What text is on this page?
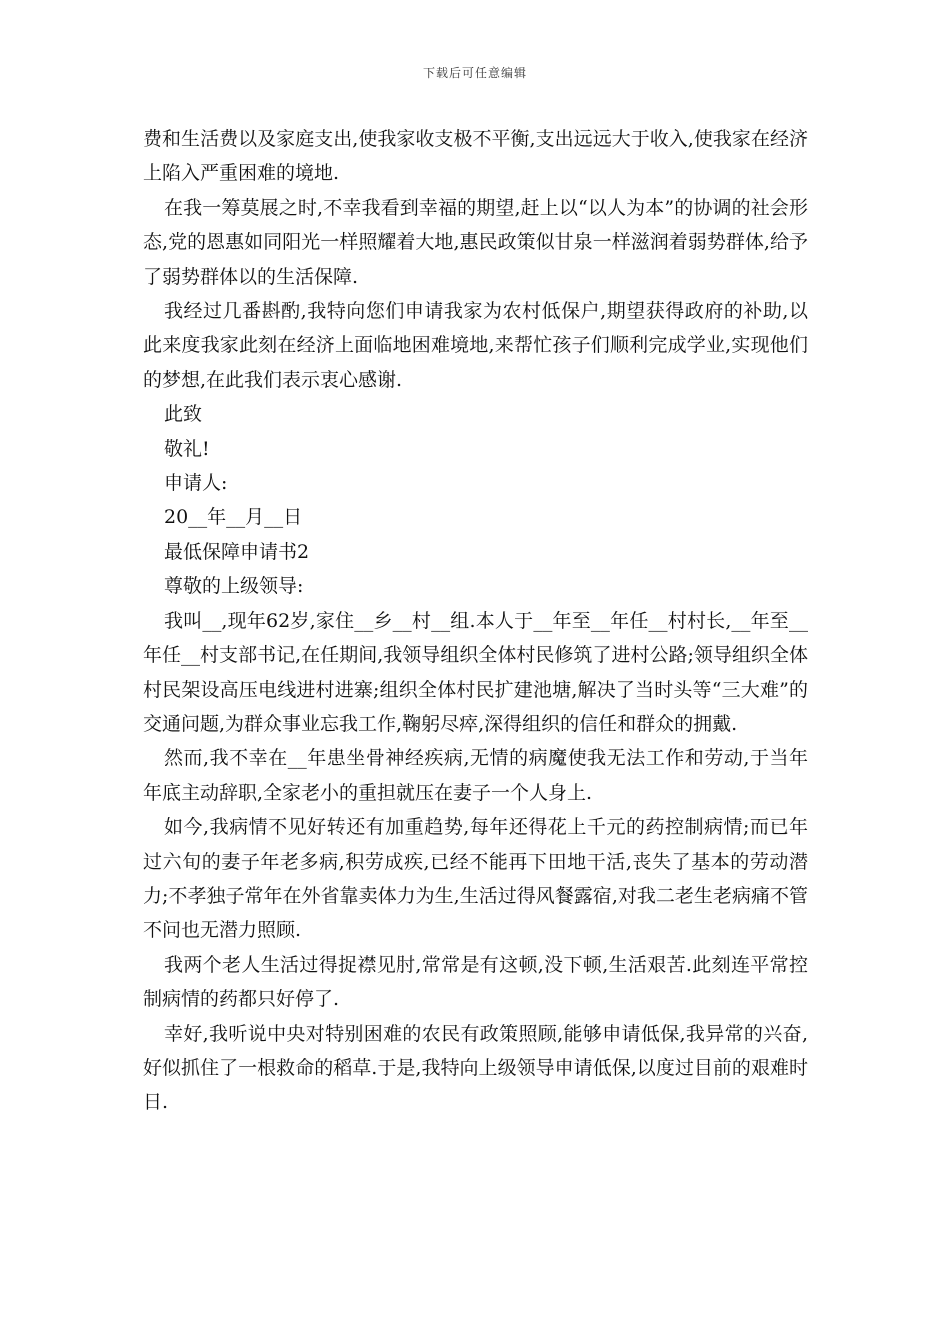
下载后可任意编辑

费和生活费以及家庭支出,使我家收支极不平衡,支出远远大于收入,使我家在经济上陷入严重困难的境地.

在我一筹莫展之时,不幸我看到幸福的期望,赶上以“以人为本”的协调的社会形态,党的恩惠如同阳光一样照耀着大地,惠民政策似甘泉一样滋润着弱势群体,给予了弱势群体以的生活保障.

我经过几番斟酌,我特向您们申请我家为农村低保户,期望获得政府的补助,以此来度我家此刻在经济上面临地困难境地,来帮忙孩子们顺利完成学业,实现他们的梦想,在此我们表示衷心感谢.

此致

敬礼!

申请人:

20__年__月__日

最低保障申请书2

尊敬的上级领导:

我叫__,现年62岁,家住__乡__村__组.本人于__年至__年任__村村长,__年至__年任__村支部书记,在任期间,我领导组织全体村民修筑了进村公路;领导组织全体村民架设高压电线进村进寨;组织全体村民扩建池塘,解决了当时头等“三大难”的交通问题,为群众事业忘我工作,鞠躬尽瘁,深得组织的信任和群众的拥戴.

然而,我不幸在__年患坐骨神经疾病,无情的病魔使我无法工作和劳动,于当年年底主动辞职,全家老小的重担就压在妻子一个人身上.

如今,我病情不见好转还有加重趋势,每年还得花上千元的药控制病情;而已年过六旬的妻子年老多病,积劳成疾,已经不能再下田地干活,丧失了基本的劳动潜力;不孝独子常年在外省靠卖体力为生,生活过得风餐露宿,对我二老生老病痛不管不问也无潜力照顾.

我两个老人生活过得捉襟见肘,常常是有这顿,没下顿,生活艰苦.此刻连平常控制病情的药都只好停了.

幸好,我听说中央对特别困难的农民有政策照顾,能够申请低保,我异常的兴奋,好似抓住了一根救命的稻草.于是,我特向上级领导申请低保,以度过目前的艰难时日.
